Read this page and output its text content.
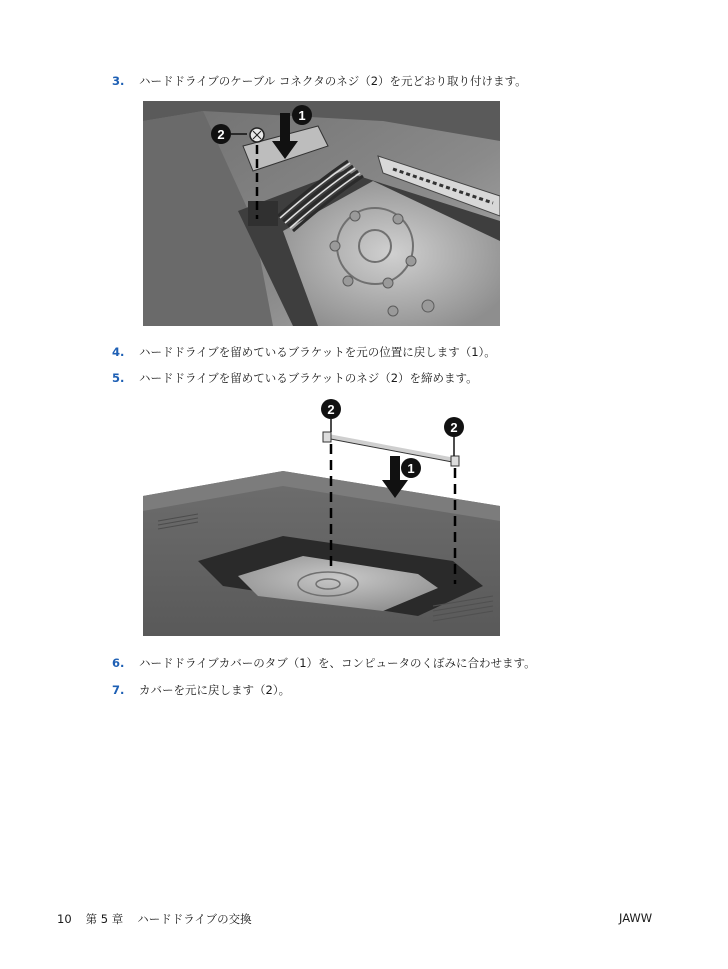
3. ハードドライブのケーブル コネクタのネジ（2）を元どおり取り付けます。
1
2
4. ハードドライブを留めているブラケットを元の位置に戻します（1）。
5. ハードドライブを留めているブラケットのネジ（2）を締めます。
1
2
2
6. ハードドライブカバーのタブ（1）を、コンピュータのくぼみに合わせます。
7. カバーを元に戻します（2）。
10 第 5 章 ハードドライブの交換	JAWW
